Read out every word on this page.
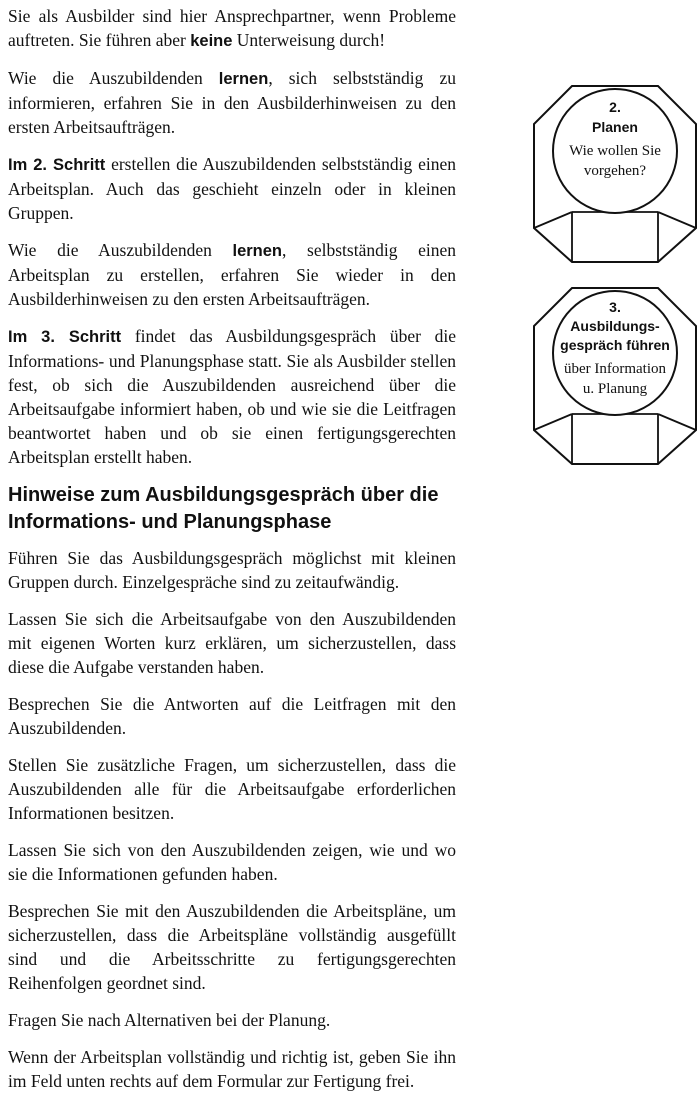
Sie als Ausbilder sind hier Ansprechpartner, wenn Probleme auftreten. Sie führen aber keine Unterweisung durch!

Wie die Auszubildenden lernen, sich selbstständig zu informieren, erfahren Sie in den Ausbilderhinweisen zu den ersten Arbeitsaufträgen.

Im 2. Schritt erstellen die Auszubildenden selbstständig einen Arbeitsplan. Auch das geschieht einzeln oder in kleinen Gruppen.

Wie die Auszubildenden lernen, selbstständig einen Arbeitsplan zu erstellen, erfahren Sie wieder in den Ausbilderhinweisen zu den ersten Arbeitsaufträgen.

Im 3. Schritt findet das Ausbildungsgespräch über die Informations- und Planungsphase statt. Sie als Ausbilder stellen fest, ob sich die Auszubildenden ausreichend über die Arbeitsaufgabe informiert haben, ob und wie sie die Leitfragen beantwortet haben und ob sie einen fertigungsgerechten Arbeitsplan erstellt haben.

Hinweise zum Ausbildungsgespräch über die Informations- und Planungsphase

Führen Sie das Ausbildungsgespräch möglichst mit kleinen Gruppen durch. Einzelgespräche sind zu zeitaufwändig.

Lassen Sie sich die Arbeitsaufgabe von den Auszubildenden mit eigenen Worten kurz erklären, um sicherzustellen, dass diese die Aufgabe verstanden haben.

Besprechen Sie die Antworten auf die Leitfragen mit den Auszubildenden.

Stellen Sie zusätzliche Fragen, um sicherzustellen, dass die Auszubildenden alle für die Arbeitsaufgabe erforderlichen Informationen besitzen.

Lassen Sie sich von den Auszubildenden zeigen, wie und wo sie die Informationen gefunden haben.

Besprechen Sie mit den Auszubildenden die Arbeitspläne, um sicherzustellen, dass die Arbeitspläne vollständig ausgefüllt sind und die Arbeitsschritte zu fertigungsgerechten Reihenfolgen geordnet sind.

Fragen Sie nach Alternativen bei der Planung.

Wenn der Arbeitsplan vollständig und richtig ist, geben Sie ihn im Feld unten rechts auf dem Formular zur Fertigung frei.

2.
Planen
Wie wollen Sie
vorgehen?
3.
Ausbildungs-
gespräch führen
über Information
u. Planung
